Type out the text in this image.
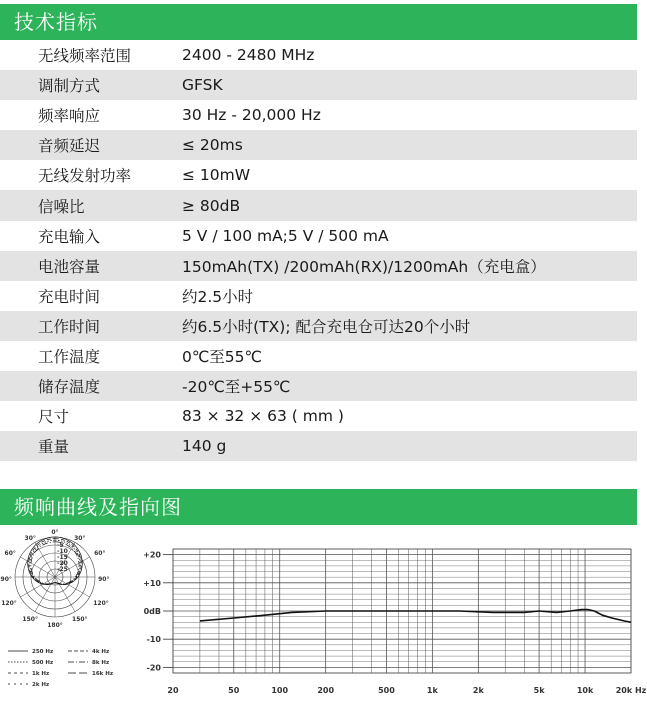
技术指标
无线频率范围	2400 - 2480 MHz
调制方式	GFSK
频率响应	30 Hz - 20,000 Hz
音频延迟	≤ 20ms
无线发射功率	≤ 10mW
信噪比	≥ 80dB
充电输入	5 V / 100 mA;5 V / 500 mA
电池容量	150mAh(TX) /200mAh(RX)/1200mAh（充电盒）
充电时间	约2.5小时
工作时间	约6.5小时(TX); 配合充电仓可达20个小时
工作温度	0℃至55℃
储存温度	-20℃至+55℃
尺寸	83 × 32 × 63 ( mm )
重量	140 g
频响曲线及指向图
0°
30°	30°
60°	60°
90°	90°
120°	120°
150°	150°
180°
-5
-10
-15
-20
-25
250 Hz	4k Hz
500 Hz	8k Hz
1k Hz	16k Hz
2k Hz
+20
+10
0dB
-10
-20
20	50	100	200	500	1k	2k	5k	10k	20k Hz
